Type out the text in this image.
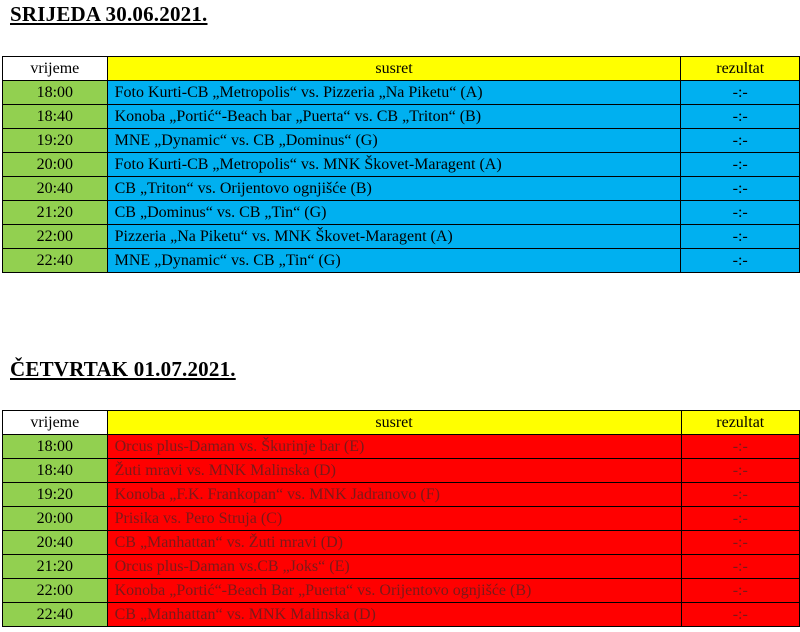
SRIJEDA 30.06.2021.
vrijeme	susret	rezultat
18:00	Foto Kurti-CB „Metropolis“ vs. Pizzeria „Na Piketu“ (A)	-:-
18:40	Konoba „Portić“-Beach bar „Puerta“ vs. CB „Triton“ (B)	-:-
19:20	MNE „Dynamic“ vs. CB „Dominus“ (G)	-:-
20:00	Foto Kurti-CB „Metropolis“ vs. MNK Škovet-Maragent (A)	-:-
20:40	CB „Triton“ vs. Orijentovo ognjišće (B)	-:-
21:20	CB „Dominus“ vs. CB „Tin“ (G)	-:-
22:00	Pizzeria „Na Piketu“ vs. MNK Škovet-Maragent (A)	-:-
22:40	MNE „Dynamic“ vs. CB „Tin“ (G)	-:-
ČETVRTAK 01.07.2021.
vrijeme	susret	rezultat
18:00	Orcus plus-Daman vs. Škurinje bar (E)	-:-
18:40	Žuti mravi vs. MNK Malinska (D)	-:-
19:20	Konoba „F.K. Frankopan“ vs. MNK Jadranovo (F)	-:-
20:00	Prisika vs. Pero Struja (C)	-:-
20:40	CB „Manhattan“ vs. Žuti mravi (D)	-:-
21:20	Orcus plus-Daman vs.CB „Joks“ (E)	-:-
22:00	Konoba „Portić“-Beach Bar „Puerta“ vs. Orijentovo ognjišće (B)	-:-
22:40	CB „Manhattan“ vs. MNK Malinska (D)	-:-
